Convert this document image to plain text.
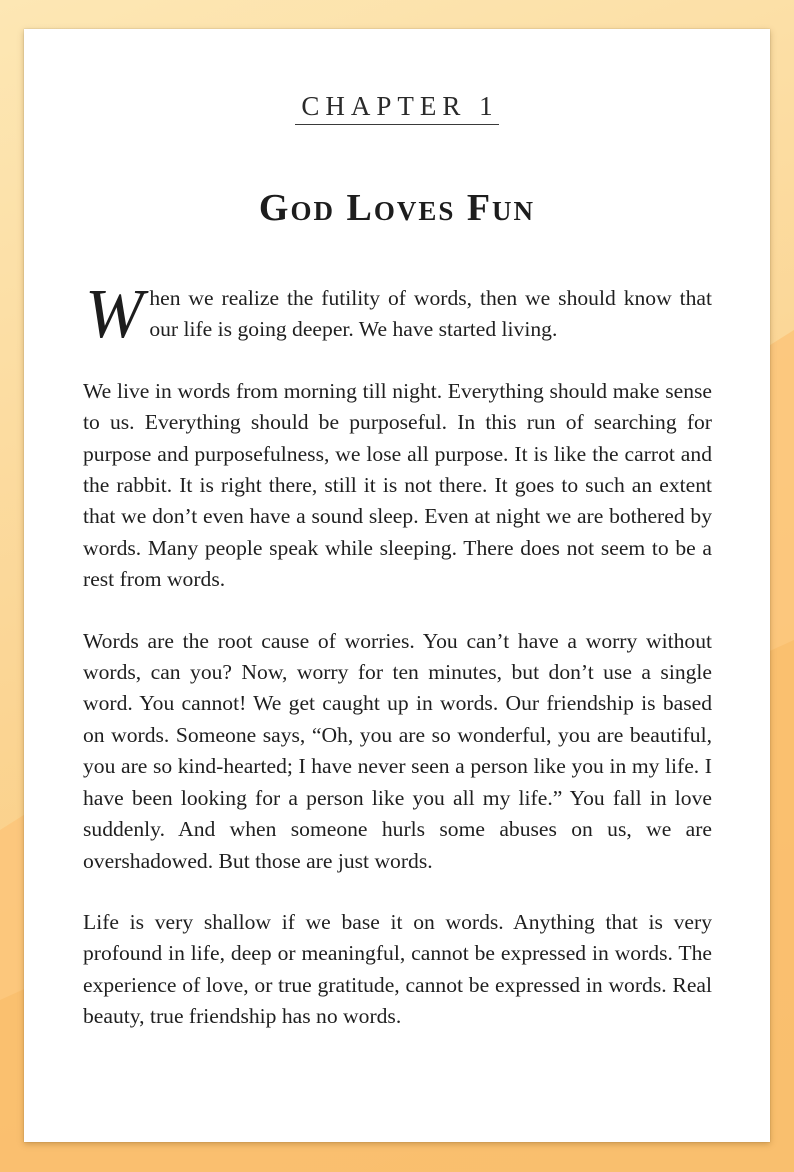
CHAPTER 1
God Loves Fun

W hen we realize the futility of words, then we should know that our life is going deeper. We have started living.

We live in words from morning till night. Everything should make sense to us. Everything should be purposeful. In this run of searching for purpose and purposefulness, we lose all purpose. It is like the carrot and the rabbit. It is right there, still it is not there. It goes to such an extent that we don’t even have a sound sleep. Even at night we are bothered by words. Many people speak while sleeping. There does not seem to be a rest from words.

Words are the root cause of worries. You can’t have a worry without words, can you? Now, worry for ten minutes, but don’t use a single word. You cannot! We get caught up in words. Our friendship is based on words. Someone says, “Oh, you are so wonderful, you are beautiful, you are so kind-hearted; I have never seen a person like you in my life. I have been looking for a person like you all my life.” You fall in love suddenly. And when someone hurls some abuses on us, we are overshadowed. But those are just words.

Life is very shallow if we base it on words. Anything that is very profound in life, deep or meaningful, cannot be expressed in words. The experience of love, or true gratitude, cannot be expressed in words. Real beauty, true friendship has no words.
